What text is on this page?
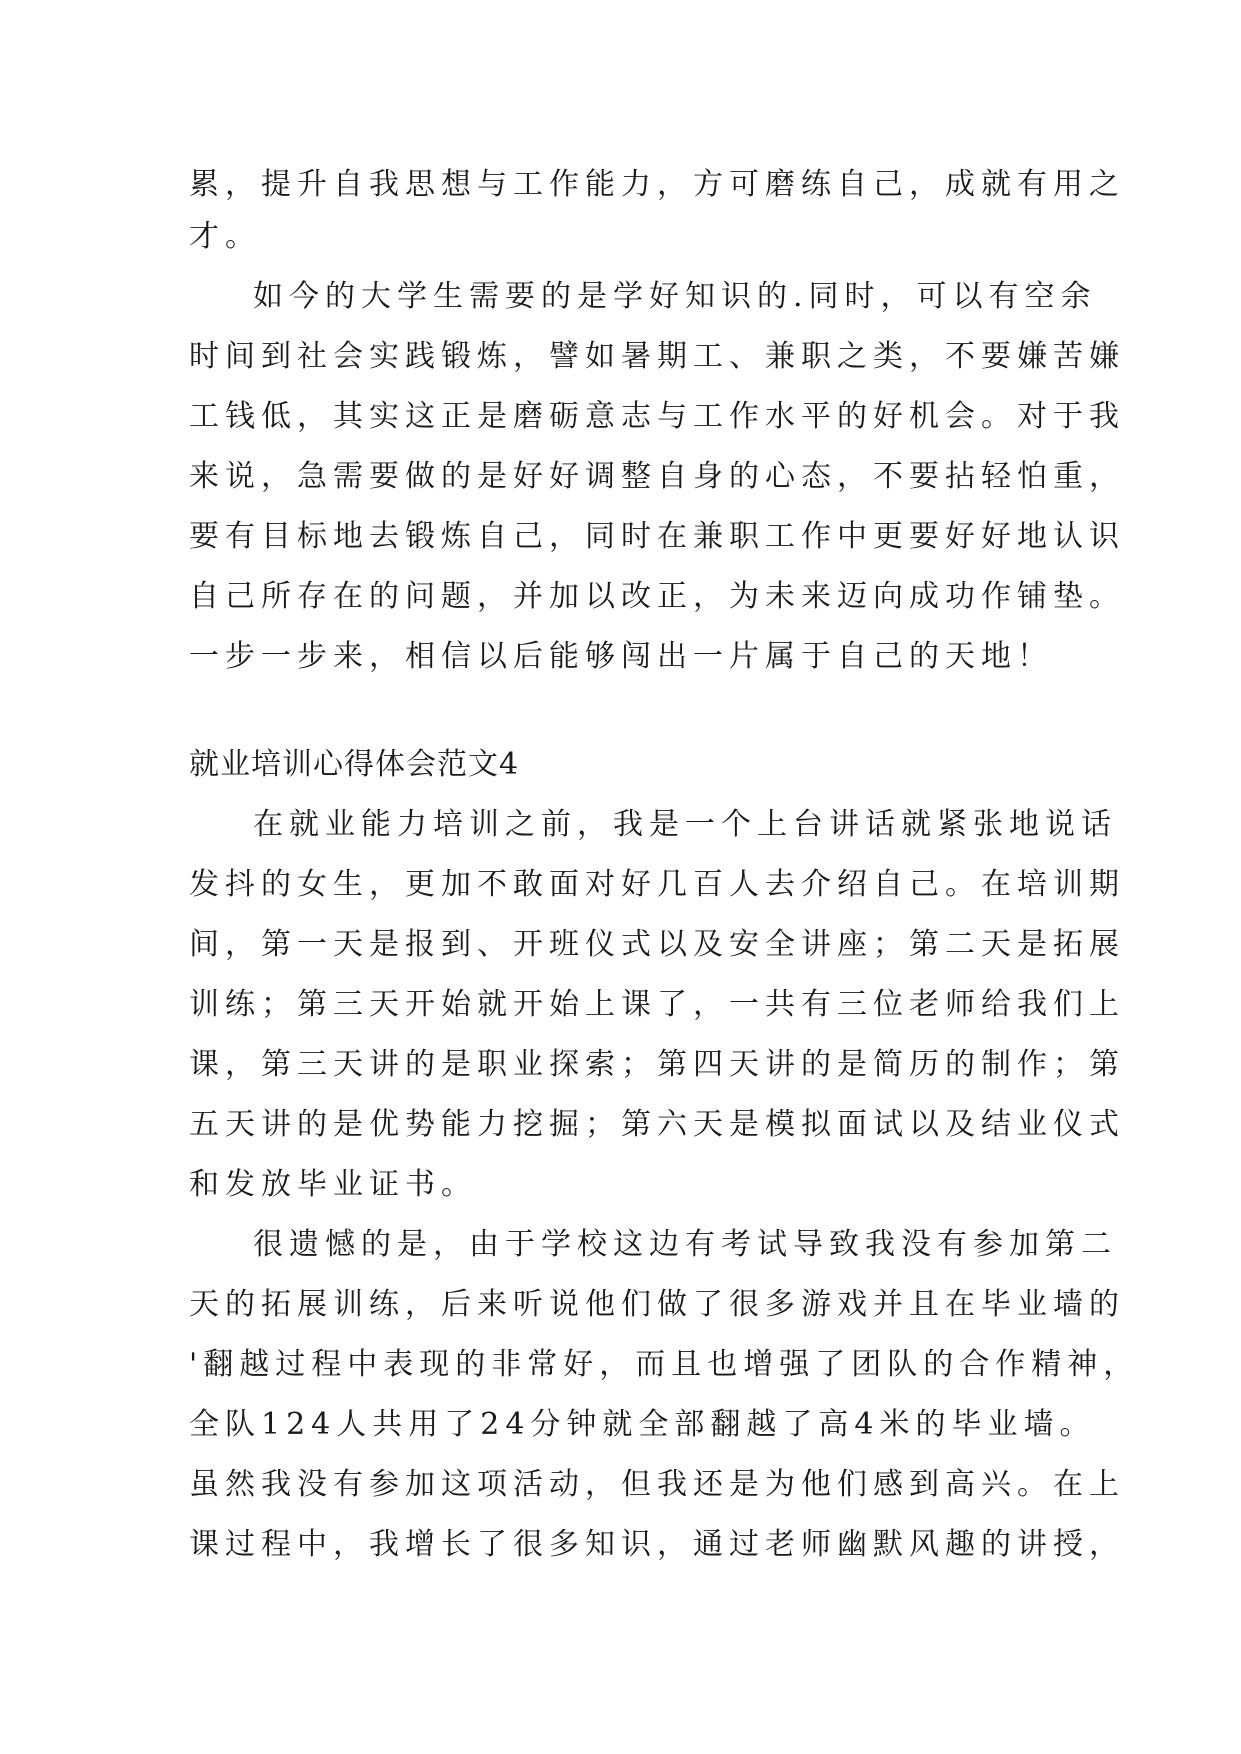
累，提升自我思想与工作能力，方可磨练自己，成就有用之
才。
如今的大学生需要的是学好知识的.同时，可以有空余
时间到社会实践锻炼，譬如暑期工、兼职之类，不要嫌苦嫌
工钱低，其实这正是磨砺意志与工作水平的好机会。对于我
来说，急需要做的是好好调整自身的心态，不要拈轻怕重，
要有目标地去锻炼自己，同时在兼职工作中更要好好地认识
自己所存在的问题，并加以改正，为未来迈向成功作铺垫。
一步一步来，相信以后能够闯出一片属于自己的天地！
就业培训心得体会范文4
在就业能力培训之前，我是一个上台讲话就紧张地说话
发抖的女生，更加不敢面对好几百人去介绍自己。在培训期
间，第一天是报到、开班仪式以及安全讲座；第二天是拓展
训练；第三天开始就开始上课了，一共有三位老师给我们上
课，第三天讲的是职业探索；第四天讲的是简历的制作；第
五天讲的是优势能力挖掘；第六天是模拟面试以及结业仪式
和发放毕业证书。
很遗憾的是，由于学校这边有考试导致我没有参加第二
天的拓展训练，后来听说他们做了很多游戏并且在毕业墙的
'翻越过程中表现的非常好，而且也增强了团队的合作精神，
全队124人共用了24分钟就全部翻越了高4米的毕业墙。
虽然我没有参加这项活动，但我还是为他们感到高兴。在上
课过程中，我增长了很多知识，通过老师幽默风趣的讲授，
